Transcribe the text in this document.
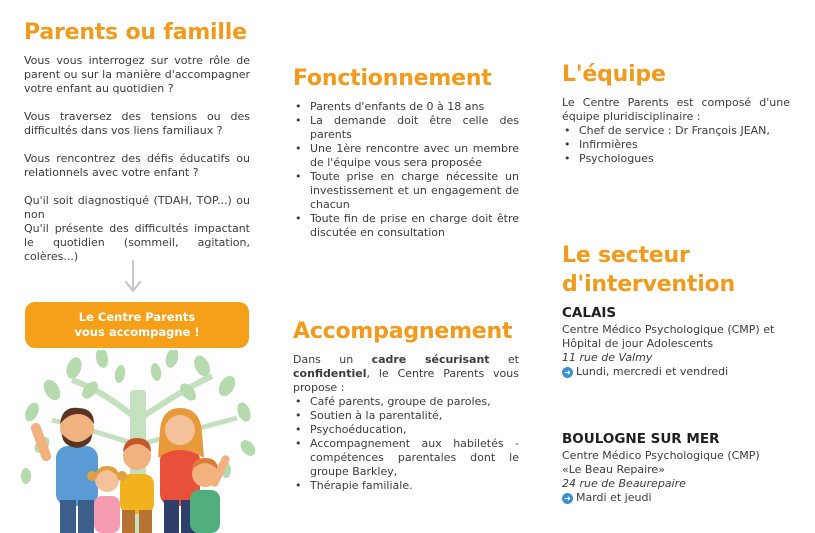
Parents ou famille

Vous vous interrogez sur votre rôle de parent ou sur la manière d'accompagner votre enfant au quotidien ?

Vous traversez des tensions ou des difficultés dans vos liens familiaux ?

Vous rencontrez des défis éducatifs ou relationnels avec votre enfant ?

Qu'il soit diagnostiqué (TDAH, TOP...) ou non
Qu'il présente des difficultés impactant le quotidien (sommeil, agitation, colères...)

Le Centre Parents
vous accompagne !
Fonctionnement
• Parents d'enfants de 0 à 18 ans
• La demande doit être celle des parents
• Une 1ère rencontre avec un membre de l'équipe vous sera proposée
• Toute prise en charge nécessite un investissement et un engagement de chacun
• Toute fin de prise en charge doit être discutée en consultation
Accompagnement

Dans un cadre sécurisant et confidentiel, le Centre Parents vous propose :

• Café parents, groupe de paroles,
• Soutien à la parentalité,
• Psychoéducation,
• Accompagnement aux habiletés - compétences parentales dont le groupe Barkley,
• Thérapie familiale.
L'équipe

Le Centre Parents est composé d'une équipe pluridisciplinaire :

• Chef de service : Dr François JEAN,
• Infirmières
• Psychologues
Le secteur
d'intervention
CALAIS

Centre Médico Psychologique (CMP) et

Hôpital de jour Adolescents

11 rue de Valmy

➜ Lundi, mercredi et vendredi

BOULOGNE SUR MER

Centre Médico Psychologique (CMP)

«Le Beau Repaire»

24 rue de Beaurepaire

➜ Mardi et jeudi
